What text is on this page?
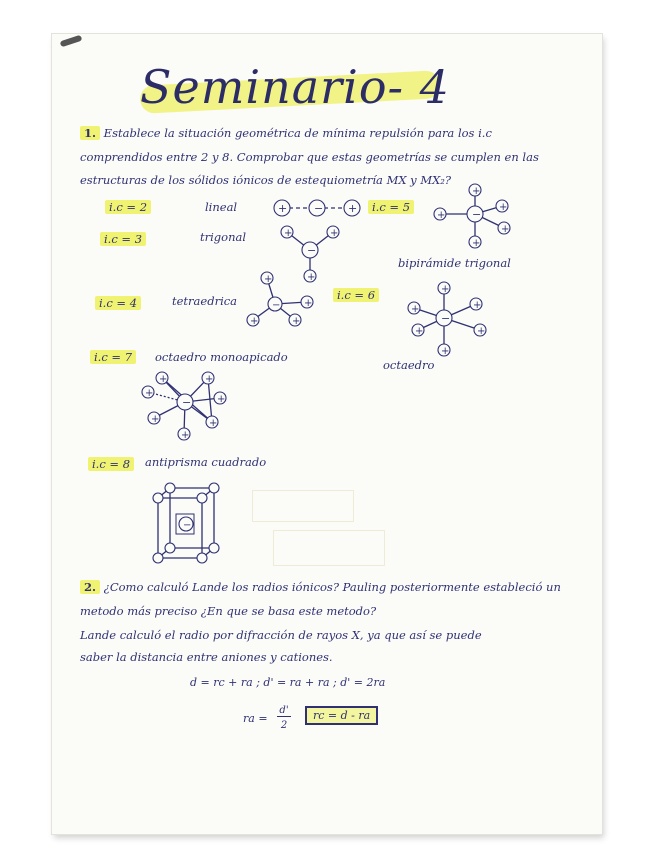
Seminario- 4
1. Establece la situación geométrica de mínima repulsión para los i.c
comprendidos entre 2 y 8. Comprobar que estas geometrías se cumplen en las
estructuras de los sólidos iónicos de estequiometría MX y MX₂?
i.c = 2	lineal	+ − +	i.c = 5
−
+
+
+
+
+
bipirámide trigonal
i.c = 3	trigonal
−
+	+
+
i.c = 4	tetraedrica	−
+
+	+
+
i.c = 6
−
+
+
+	+
+	+
octaedro
i.c = 7	octaedro monoapicado
−
+	+
+
+
+	+
+
i.c = 8	antiprisma cuadrado
−
2. ¿Como calculó Lande los radios iónicos? Pauling posteriormente estableció un
metodo más preciso ¿En que se basa este metodo?
Lande calculó el radio por difracción de rayos X, ya que así se puede
saber la distancia entre aniones y cationes.
d = rc + ra ; d' = ra + ra ; d' = 2ra
ra =
d'
2
rc = d - ra
